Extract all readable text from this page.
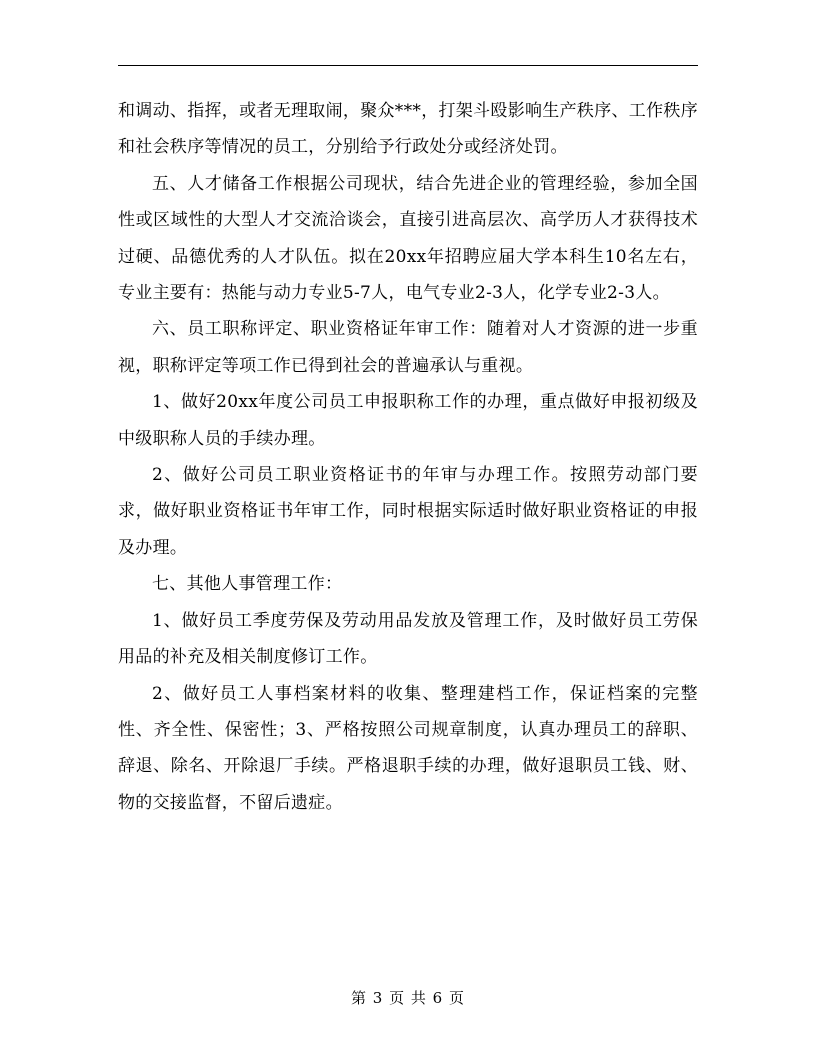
和调动、指挥，或者无理取闹，聚众***，打架斗殴影响生产秩序、工作秩序和社会秩序等情况的员工，分别给予行政处分或经济处罚。

五、人才储备工作根据公司现状，结合先进企业的管理经验，参加全国性或区域性的大型人才交流洽谈会，直接引进高层次、高学历人才获得技术过硬、品德优秀的人才队伍。拟在20xx年招聘应届大学本科生10名左右，专业主要有：热能与动力专业5-7人，电气专业2-3人，化学专业2-3人。

六、员工职称评定、职业资格证年审工作：随着对人才资源的进一步重视，职称评定等项工作已得到社会的普遍承认与重视。

1、做好20xx年度公司员工申报职称工作的办理，重点做好申报初级及中级职称人员的手续办理。

2、做好公司员工职业资格证书的年审与办理工作。按照劳动部门要求，做好职业资格证书年审工作，同时根据实际适时做好职业资格证的申报及办理。

七、其他人事管理工作：

1、做好员工季度劳保及劳动用品发放及管理工作，及时做好员工劳保用品的补充及相关制度修订工作。

2、做好员工人事档案材料的收集、整理建档工作，保证档案的完整性、齐全性、保密性；3、严格按照公司规章制度，认真办理员工的辞职、辞退、除名、开除退厂手续。严格退职手续的办理，做好退职员工钱、财、物的交接监督，不留后遗症。

第 3 页 共 6 页
